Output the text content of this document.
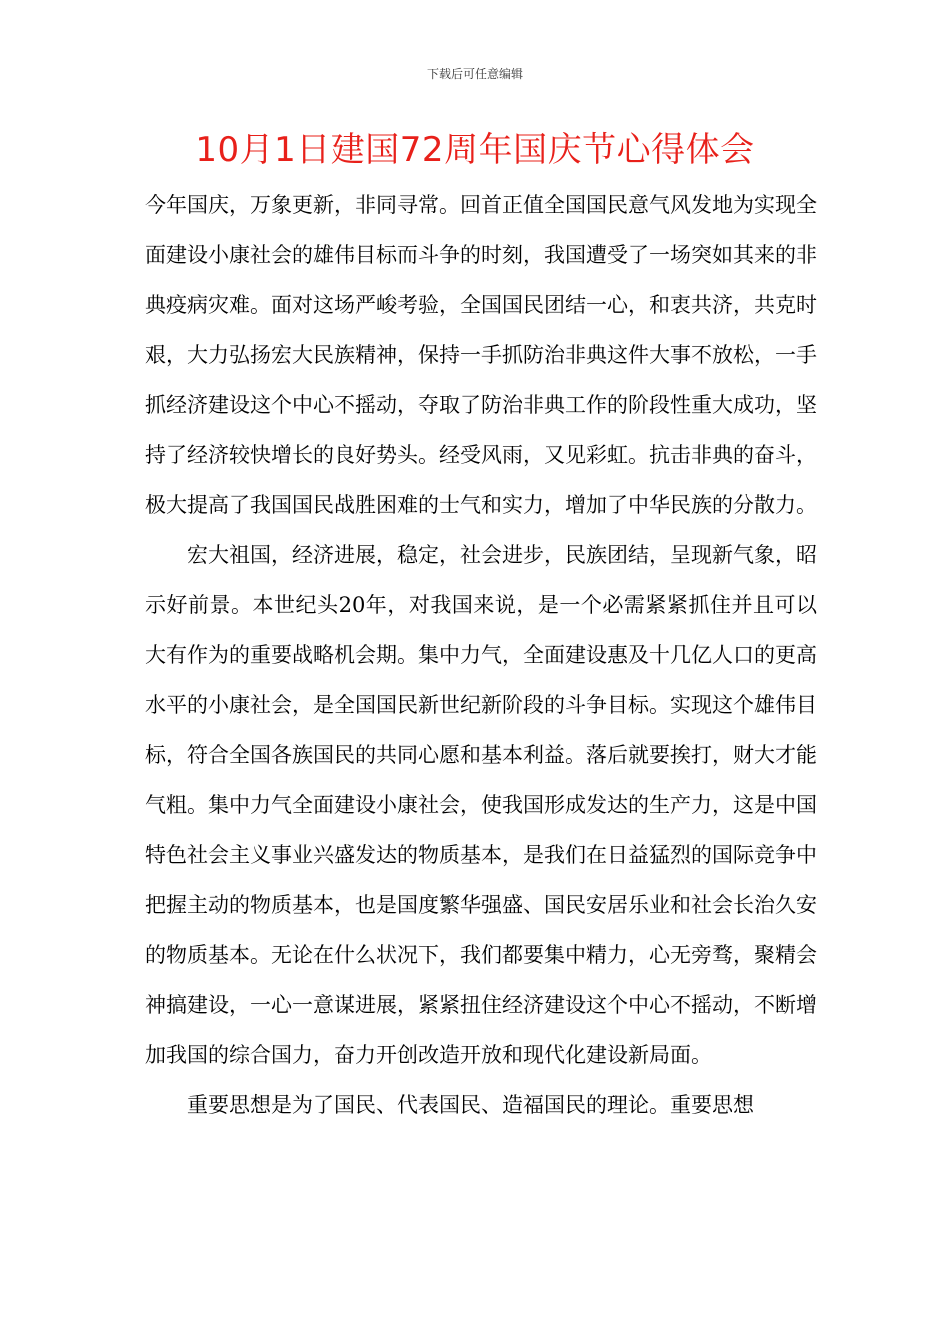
下载后可任意编辑
10月1日建国72周年国庆节心得体会

今年国庆，万象更新，非同寻常。回首正值全国国民意气风发地为实现全面建设小康社会的雄伟目标而斗争的时刻，我国遭受了一场突如其来的非典疫病灾难。面对这场严峻考验，全国国民团结一心，和衷共济，共克时艰，大力弘扬宏大民族精神，保持一手抓防治非典这件大事不放松，一手抓经济建设这个中心不摇动，夺取了防治非典工作的阶段性重大成功，坚持了经济较快增长的良好势头。经受风雨，又见彩虹。抗击非典的奋斗，极大提高了我国国民战胜困难的士气和实力，增加了中华民族的分散力。

宏大祖国，经济进展，稳定，社会进步，民族团结，呈现新气象，昭示好前景。本世纪头20年，对我国来说，是一个必需紧紧抓住并且可以大有作为的重要战略机会期。集中力气，全面建设惠及十几亿人口的更高水平的小康社会，是全国国民新世纪新阶段的斗争目标。实现这个雄伟目标，符合全国各族国民的共同心愿和基本利益。落后就要挨打，财大才能气粗。集中力气全面建设小康社会，使我国形成发达的生产力，这是中国特色社会主义事业兴盛发达的物质基本，是我们在日益猛烈的国际竞争中把握主动的物质基本，也是国度繁华强盛、国民安居乐业和社会长治久安的物质基本。无论在什么状况下，我们都要集中精力，心无旁骛，聚精会神搞建设，一心一意谋进展，紧紧扭住经济建设这个中心不摇动，不断增加我国的综合国力，奋力开创改造开放和现代化建设新局面。

重要思想是为了国民、代表国民、造福国民的理论。重要思想
